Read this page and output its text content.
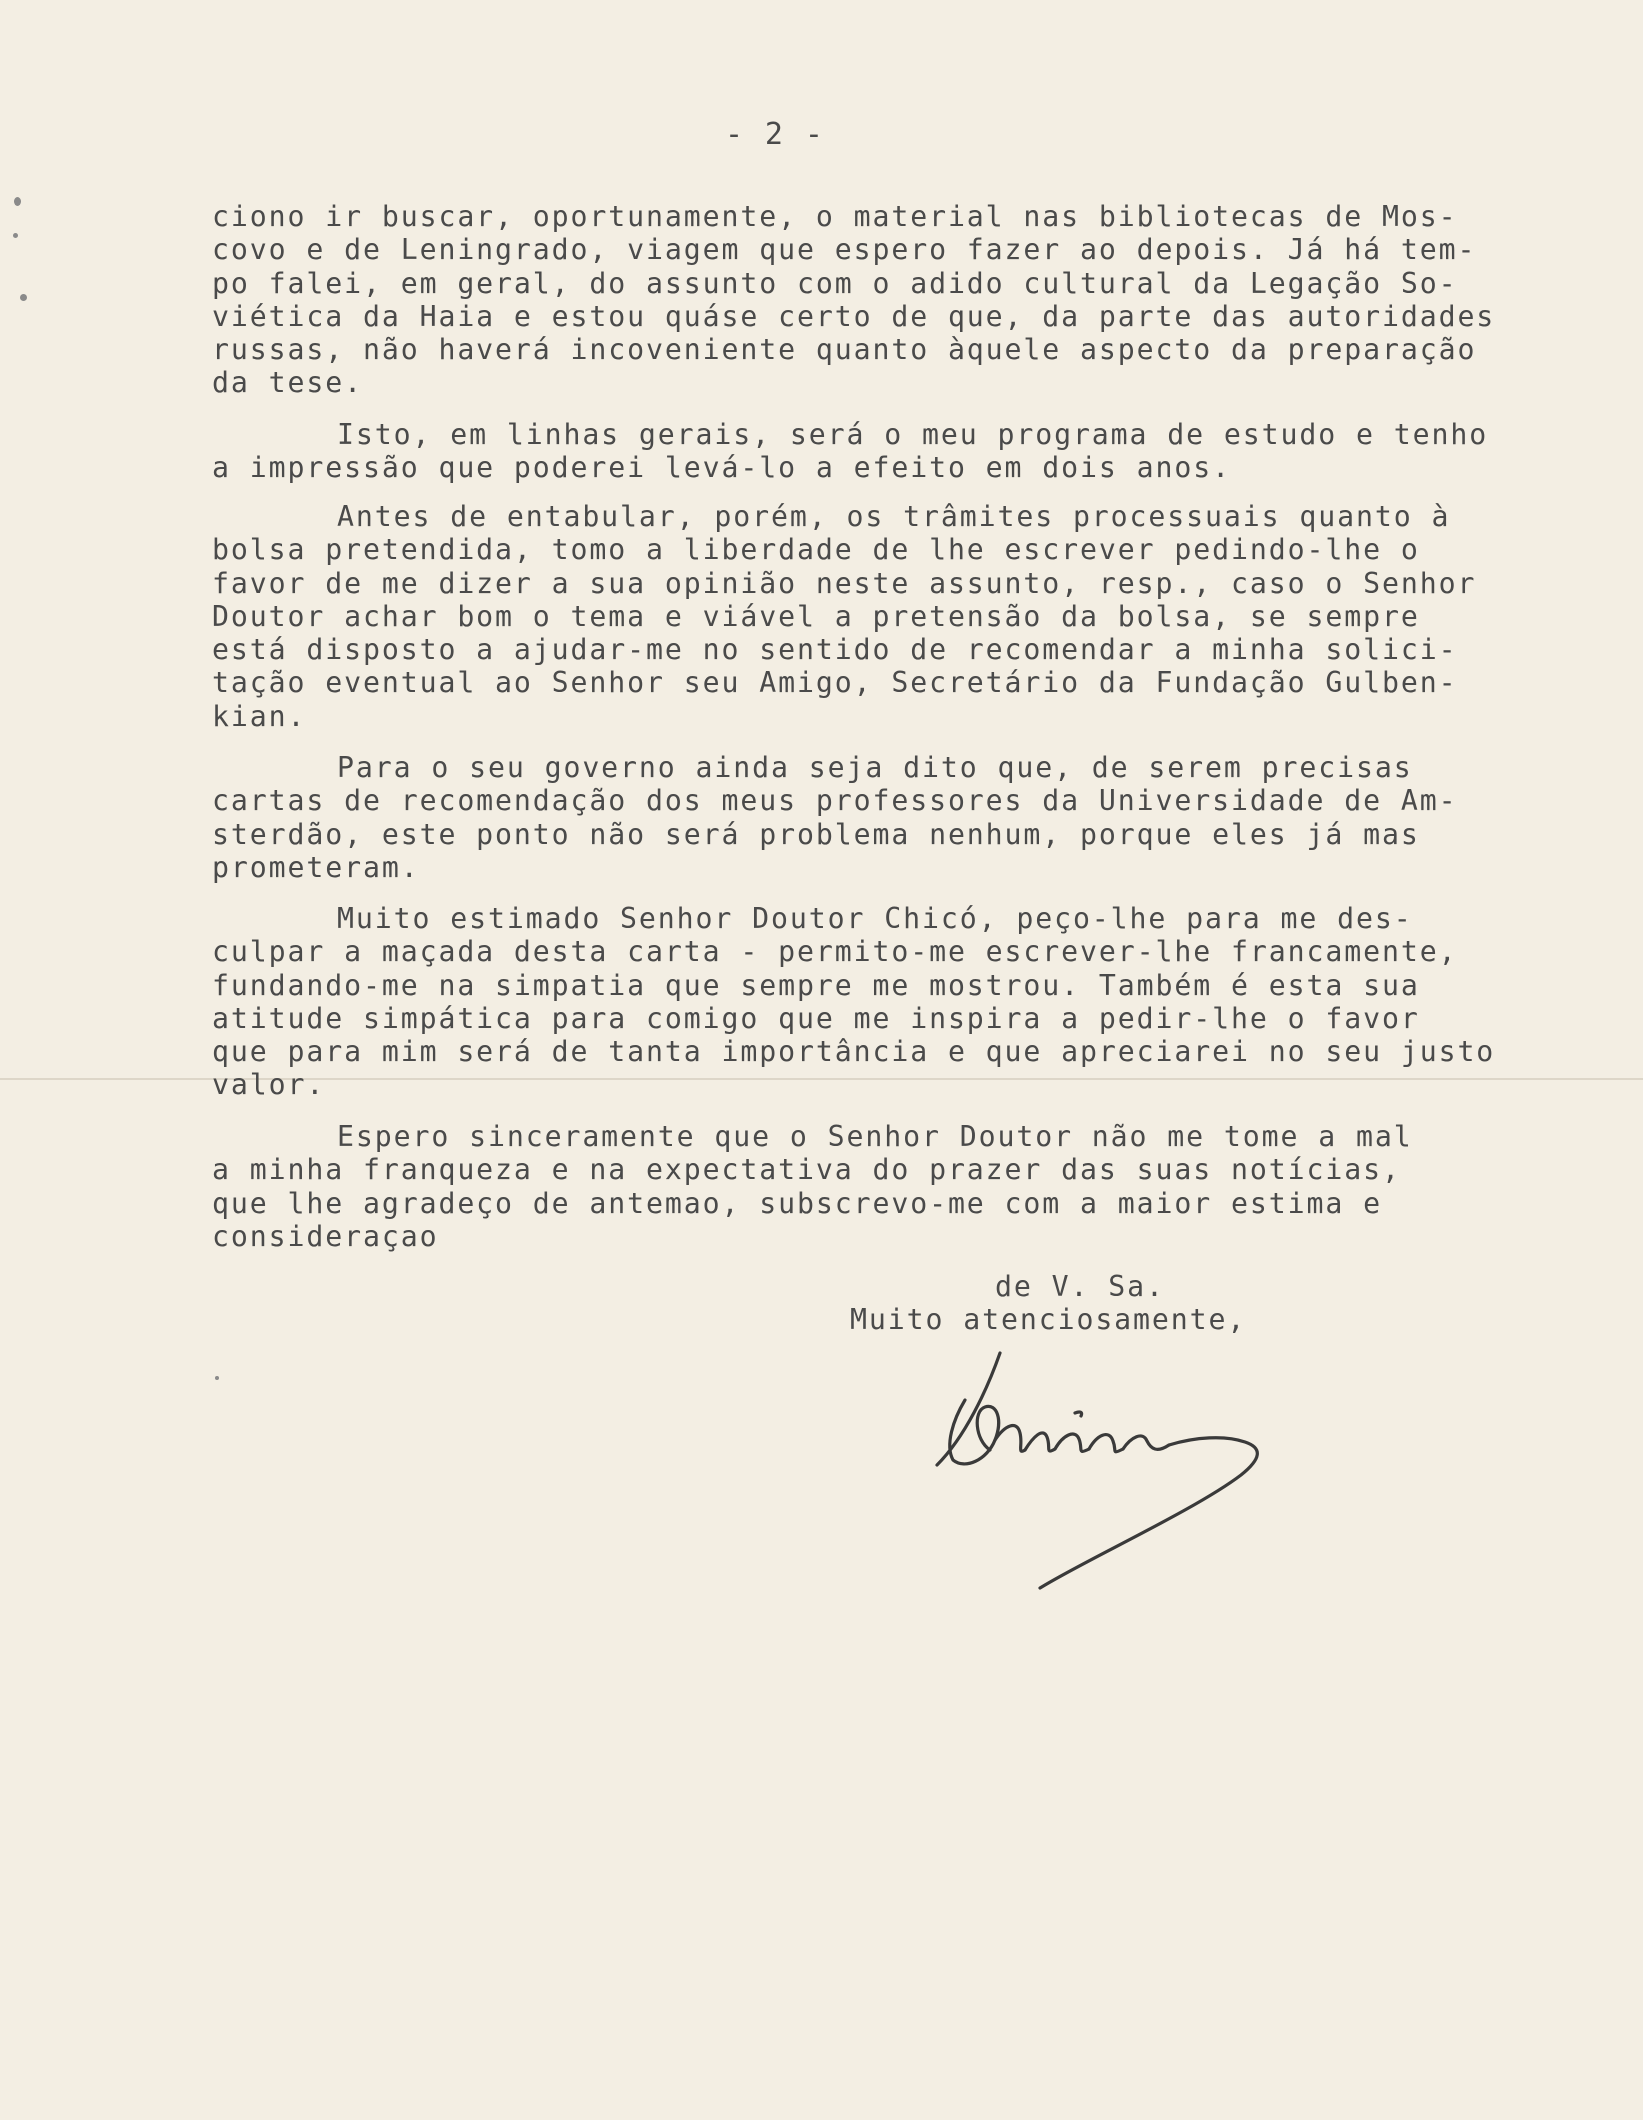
- 2 -
ciono ir buscar, oportunamente, o material nas bibliotecas de Mos-
covo e de Leningrado, viagem que espero fazer ao depois. Já há tem-
po falei, em geral, do assunto com o adido cultural da Legação So-
viética da Haia e estou quáse certo de que, da parte das autoridades
russas, não haverá incoveniente quanto àquele aspecto da preparação
da tese.
Isto, em linhas gerais, será o meu programa de estudo e tenho
a impressão que poderei levá-lo a efeito em dois anos.
Antes de entabular, porém, os trâmites processuais quanto à
bolsa pretendida, tomo a liberdade de lhe escrever pedindo-lhe o
favor de me dizer a sua opinião neste assunto, resp., caso o Senhor
Doutor achar bom o tema e viável a pretensão da bolsa, se sempre
está disposto a ajudar-me no sentido de recomendar a minha solici-
tação eventual ao Senhor seu Amigo, Secretário da Fundação Gulben-
kian.
Para o seu governo ainda seja dito que, de serem precisas
cartas de recomendação dos meus professores da Universidade de Am-
sterdão, este ponto não será problema nenhum, porque eles já mas
prometeram.
Muito estimado Senhor Doutor Chicó, peço-lhe para me des-
culpar a maçada desta carta - permito-me escrever-lhe francamente,
fundando-me na simpatia que sempre me mostrou. Também é esta sua
atitude simpática para comigo que me inspira a pedir-lhe o favor
que para mim será de tanta importância e que apreciarei no seu justo
valor.
Espero sinceramente que o Senhor Doutor não me tome a mal
a minha franqueza e na expectativa do prazer das suas notícias,
que lhe agradeço de antemao, subscrevo-me com a maior estima e
consideraçao
de V. Sa.
Muito atenciosamente,
